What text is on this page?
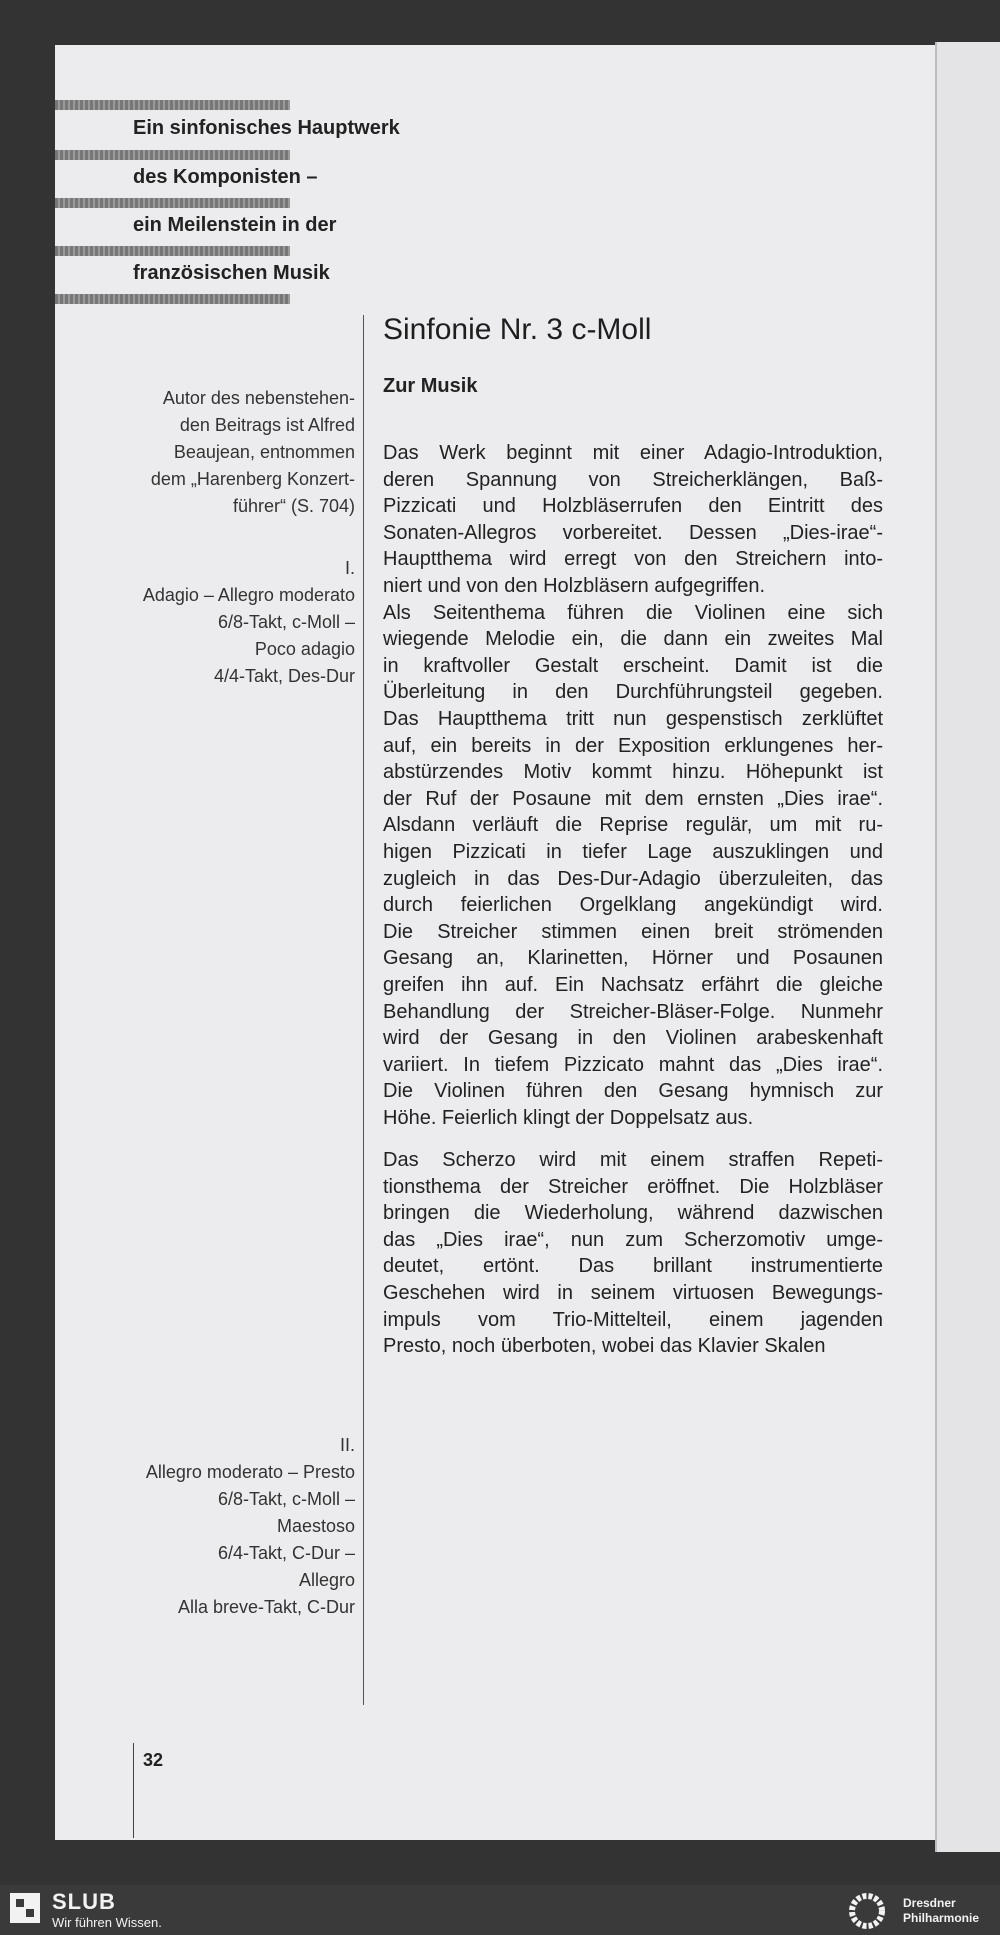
Ein sinfonisches Hauptwerk
des Komponisten –
ein Meilenstein in der
französischen Musik
Autor des nebenstehen-
den Beitrags ist Alfred
Beaujean, entnommen
dem „Harenberg Konzert-
führer“ (S. 704)
I.
Adagio – Allegro moderato
6/8-Takt, c-Moll –
Poco adagio
4/4-Takt, Des-Dur
II.
Allegro moderato – Presto
6/8-Takt, c-Moll –
Maestoso
6/4-Takt, C-Dur –
Allegro
Alla breve-Takt, C-Dur
Sinfonie Nr. 3 c-Moll
Zur Musik
Das Werk beginnt mit einer Adagio-Introduktion,
deren Spannung von Streicherklängen, Baß-
Pizzicati und Holzbläserrufen den Eintritt des
Sonaten-Allegros vorbereitet. Dessen „Dies-irae“-
Hauptthema wird erregt von den Streichern into-
niert und von den Holzbläsern aufgegriffen.
Als Seitenthema führen die Violinen eine sich
wiegende Melodie ein, die dann ein zweites Mal
in kraftvoller Gestalt erscheint. Damit ist die
Überleitung in den Durchführungsteil gegeben.
Das Hauptthema tritt nun gespenstisch zerklüftet
auf, ein bereits in der Exposition erklungenes her-
abstürzendes Motiv kommt hinzu. Höhepunkt ist
der Ruf der Posaune mit dem ernsten „Dies irae“.
Alsdann verläuft die Reprise regulär, um mit ru-
higen Pizzicati in tiefer Lage auszuklingen und
zugleich in das Des-Dur-Adagio überzuleiten, das
durch feierlichen Orgelklang angekündigt wird.
Die Streicher stimmen einen breit strömenden
Gesang an, Klarinetten, Hörner und Posaunen
greifen ihn auf. Ein Nachsatz erfährt die gleiche
Behandlung der Streicher-Bläser-Folge. Nunmehr
wird der Gesang in den Violinen arabeskenhaft
variiert. In tiefem Pizzicato mahnt das „Dies irae“.
Die Violinen führen den Gesang hymnisch zur
Höhe. Feierlich klingt der Doppelsatz aus.
Das Scherzo wird mit einem straffen Repeti-
tionsthema der Streicher eröffnet. Die Holzbläser
bringen die Wiederholung, während dazwischen
das „Dies irae“, nun zum Scherzomotiv umge-
deutet, ertönt. Das brillant instrumentierte
Geschehen wird in seinem virtuosen Bewegungs-
impuls vom Trio-Mittelteil, einem jagenden
Presto, noch überboten, wobei das Klavier Skalen
32
SLUB
Wir führen Wissen.
Dresdner
Philharmonie
